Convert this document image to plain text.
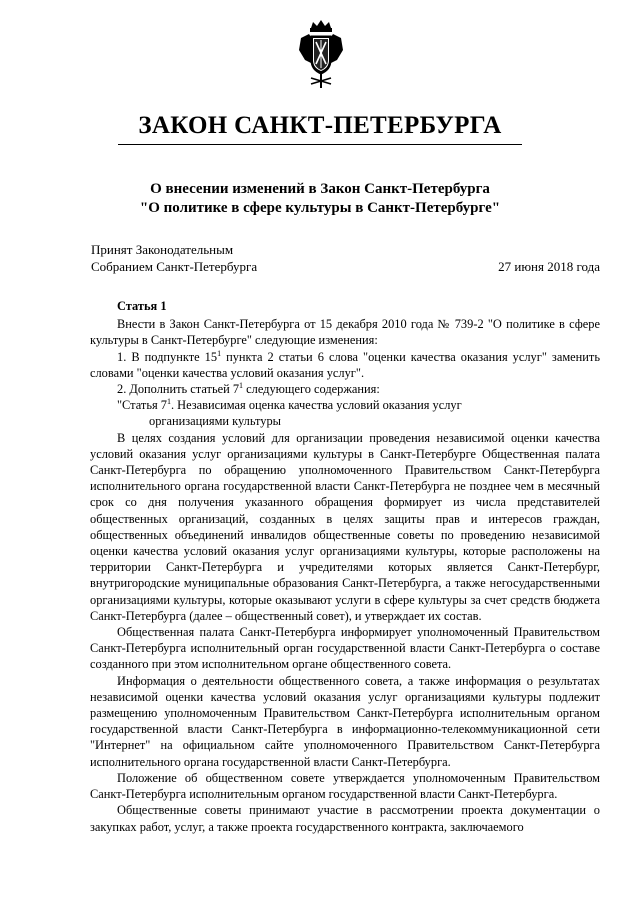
ЗАКОН САНКТ-ПЕТЕРБУРГА
О внесении изменений в Закон Санкт-Петербурга
"О политике в сфере культуры в Санкт-Петербурге"
Принят Законодательным
Собранием Санкт-Петербурга	27 июня 2018 года

Статья 1

Внести в Закон Санкт-Петербурга от 15 декабря 2010 года № 739-2 "О политике в сфере культуры в Санкт-Петербурге" следующие изменения:

1. В подпункте $15^1$ пункта 2 статьи 6 слова "оценки качества оказания услуг" заменить словами "оценки качества условий оказания услуг".

2. Дополнить статьей $7^1$ следующего содержания:

"Статья $7^1$. Независимая оценка качества условий оказания услуг

организациями культуры

В целях создания условий для организации проведения независимой оценки качества условий оказания услуг организациями культуры в Санкт-Петербурге Общественная палата Санкт-Петербурга по обращению уполномоченного Правительством Санкт-Петербурга исполнительного органа государственной власти Санкт-Петербурга не позднее чем в месячный срок со дня получения указанного обращения формирует из числа представителей общественных организаций, созданных в целях защиты прав и интересов граждан, общественных объединений инвалидов общественные советы по проведению независимой оценки качества условий оказания услуг организациями культуры, которые расположены на территории Санкт-Петербурга и учредителями которых является Санкт-Петербург, внутригородские муниципальные образования Санкт-Петербурга, а также негосударственными организациями культуры, которые оказывают услуги в сфере культуры за счет средств бюджета Санкт-Петербурга (далее – общественный совет), и утверждает их состав.

Общественная палата Санкт-Петербурга информирует уполномоченный Правительством Санкт-Петербурга исполнительный орган государственной власти Санкт-Петербурга о составе созданного при этом исполнительном органе общественного совета.

Информация о деятельности общественного совета, а также информация о результатах независимой оценки качества условий оказания услуг организациями культуры подлежит размещению уполномоченным Правительством Санкт-Петербурга исполнительным органом государственной власти Санкт-Петербурга в информационно-телекоммуникационной сети "Интернет" на официальном сайте уполномоченного Правительством Санкт-Петербурга исполнительного органа государственной власти Санкт-Петербурга.

Положение об общественном совете утверждается уполномоченным Правительством Санкт-Петербурга исполнительным органом государственной власти Санкт-Петербурга.

Общественные советы принимают участие в рассмотрении проекта документации о закупках работ, услуг, а также проекта государственного контракта, заключаемого
